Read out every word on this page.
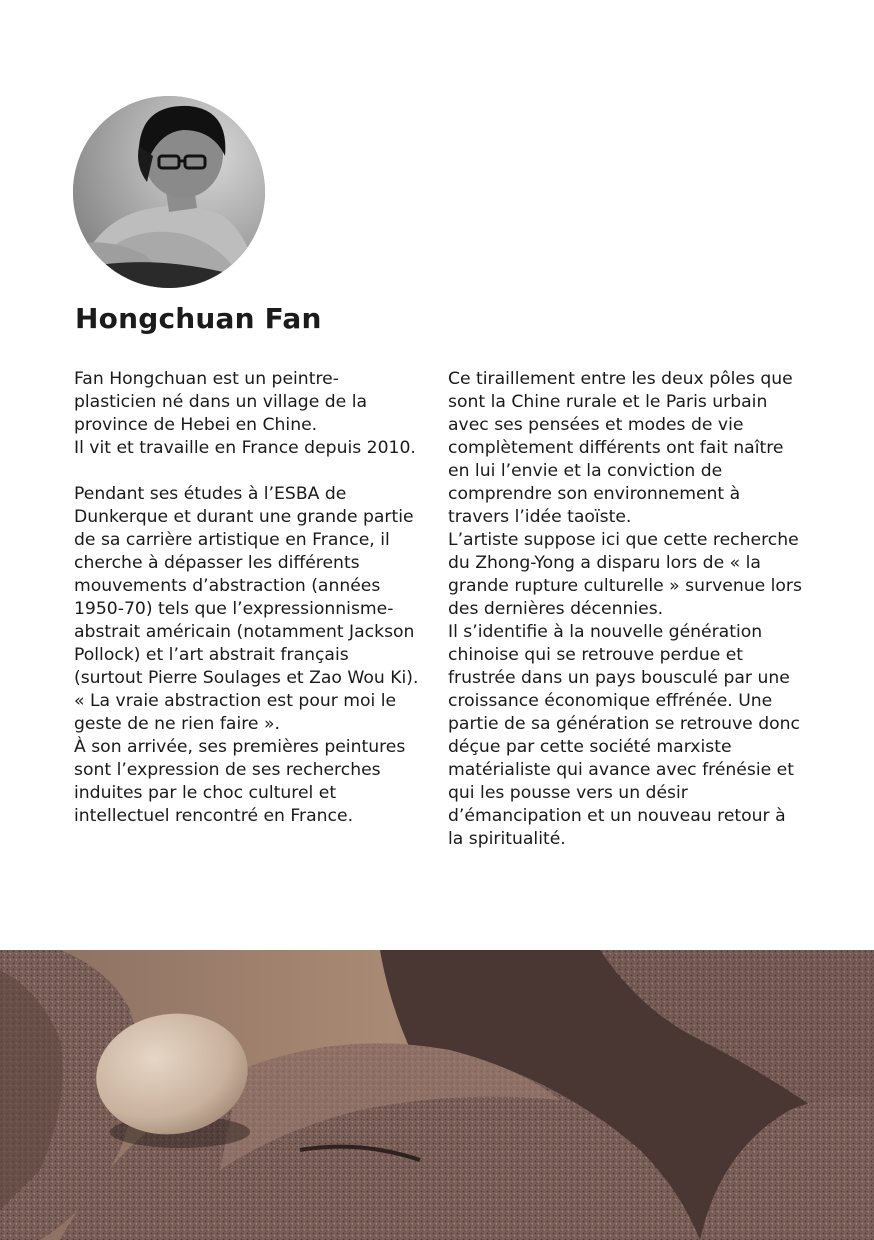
Hongchuan Fan

Fan Hongchuan est un peintre-plasticien né dans un village de la province de Hebei en Chine.

Il vit et travaille en France depuis 2010.

Pendant ses études à l’ESBA de Dunkerque et durant une grande partie de sa carrière artistique en France, il cherche à dépasser les différents mouvements d’abstraction (années 1950-70) tels que l’expressionnisme-abstrait américain (notamment Jackson Pollock) et l’art abstrait français (surtout Pierre Soulages et Zao Wou Ki). « La vraie abstraction est pour moi le geste de ne rien faire ».

À son arrivée, ses premières peintures sont l’expression de ses recherches induites par le choc culturel et intellectuel rencontré en France.

Ce tiraillement entre les deux pôles que sont la Chine rurale et le Paris urbain avec ses pensées et modes de vie complètement différents ont fait naître en lui l’envie et la conviction de comprendre son environnement à travers l’idée taoïste.

L’artiste suppose ici que cette recherche du Zhong-Yong a disparu lors de « la grande rupture culturelle » survenue lors des dernières décennies.

Il s’identifie à la nouvelle génération chinoise qui se retrouve perdue et frustrée dans un pays bousculé par une croissance économique effrénée. Une partie de sa génération se retrouve donc déçue par cette société marxiste matérialiste qui avance avec frénésie et qui les pousse vers un désir d’émancipation et un nouveau retour à la spiritualité.
